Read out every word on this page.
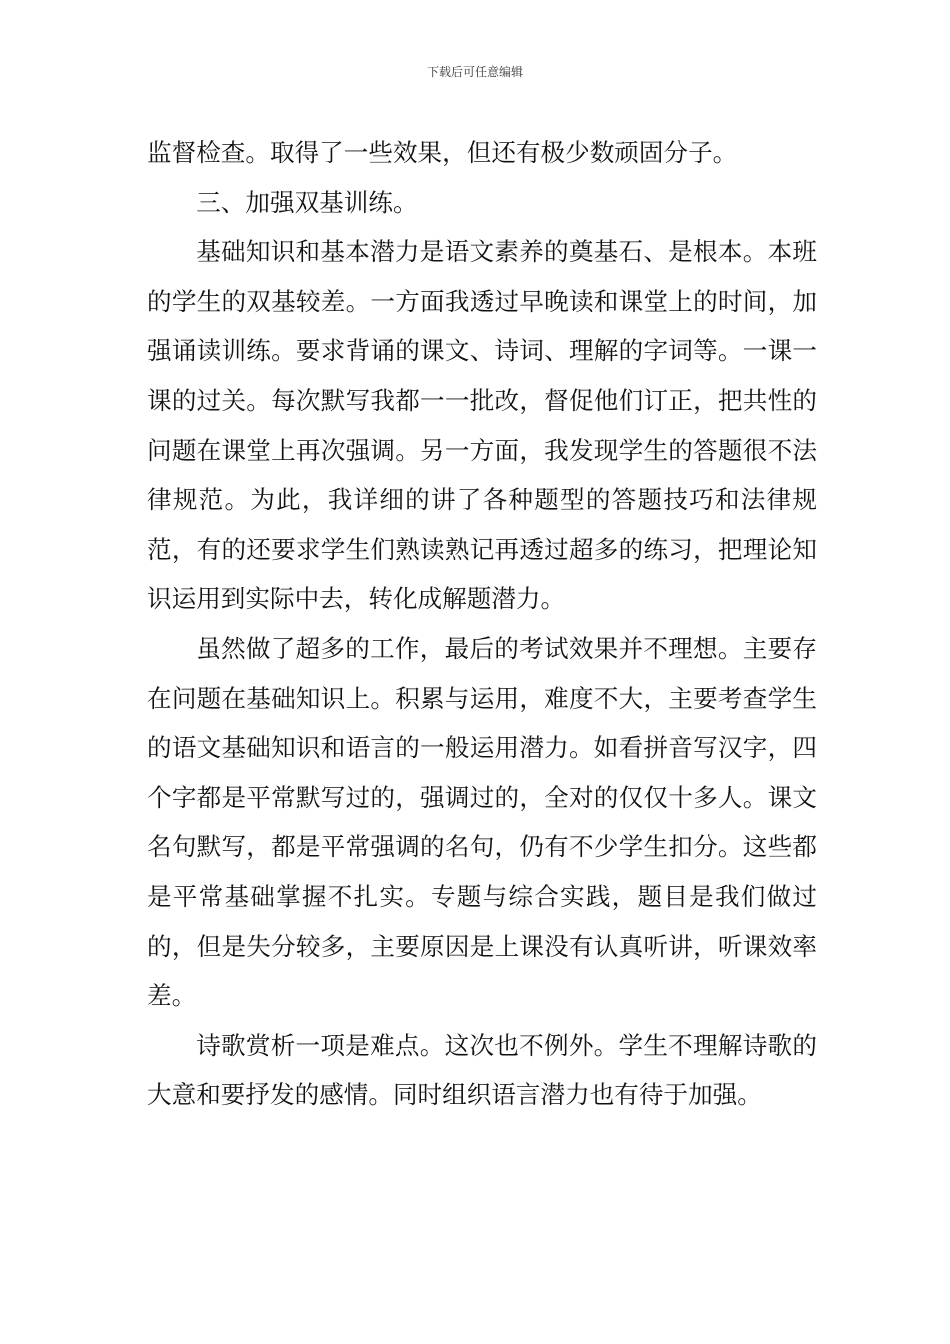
下载后可任意编辑

监督检查。取得了一些效果，但还有极少数顽固分子。

三、加强双基训练。

基础知识和基本潜力是语文素养的奠基石、是根本。本班的学生的双基较差。一方面我透过早晚读和课堂上的时间，加强诵读训练。要求背诵的课文、诗词、理解的字词等。一课一课的过关。每次默写我都一一批改，督促他们订正，把共性的问题在课堂上再次强调。另一方面，我发现学生的答题很不法律规范。为此，我详细的讲了各种题型的答题技巧和法律规范，有的还要求学生们熟读熟记再透过超多的练习，把理论知识运用到实际中去，转化成解题潜力。

虽然做了超多的工作，最后的考试效果并不理想。主要存在问题在基础知识上。积累与运用，难度不大，主要考查学生的语文基础知识和语言的一般运用潜力。如看拼音写汉字，四个字都是平常默写过的，强调过的，全对的仅仅十多人。课文名句默写，都是平常强调的名句，仍有不少学生扣分。这些都是平常基础掌握不扎实。专题与综合实践，题目是我们做过的，但是失分较多，主要原因是上课没有认真听讲，听课效率差。

诗歌赏析一项是难点。这次也不例外。学生不理解诗歌的大意和要抒发的感情。同时组织语言潜力也有待于加强。
